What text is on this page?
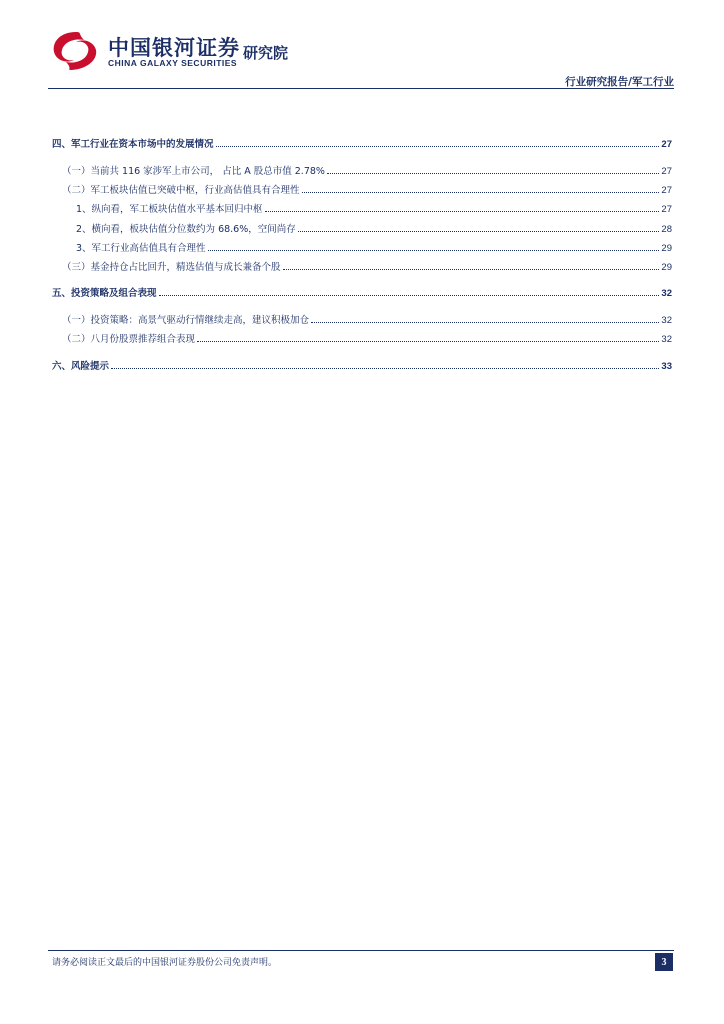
中国银河证券
CHINA GALAXY SECURITIES
研究院
行业研究报告/军工行业
四、军工行业在资本市场中的发展情况	27
（一）当前共 116 家涉军上市公司， 占比 A 股总市值 2.78%	27
（二）军工板块估值已突破中枢，行业高估值具有合理性	27
1、纵向看，军工板块估值水平基本回归中枢	27
2、横向看，板块估值分位数约为 68.6%，空间尚存	28
3、军工行业高估值具有合理性	29
（三）基金持仓占比回升，精选估值与成长兼备个股	29
五、投资策略及组合表现	32
（一）投资策略：高景气驱动行情继续走高，建议积极加仓	32
（二）八月份股票推荐组合表现	32
六、风险提示	33
请务必阅读正文最后的中国银河证券股份公司免责声明。	3
